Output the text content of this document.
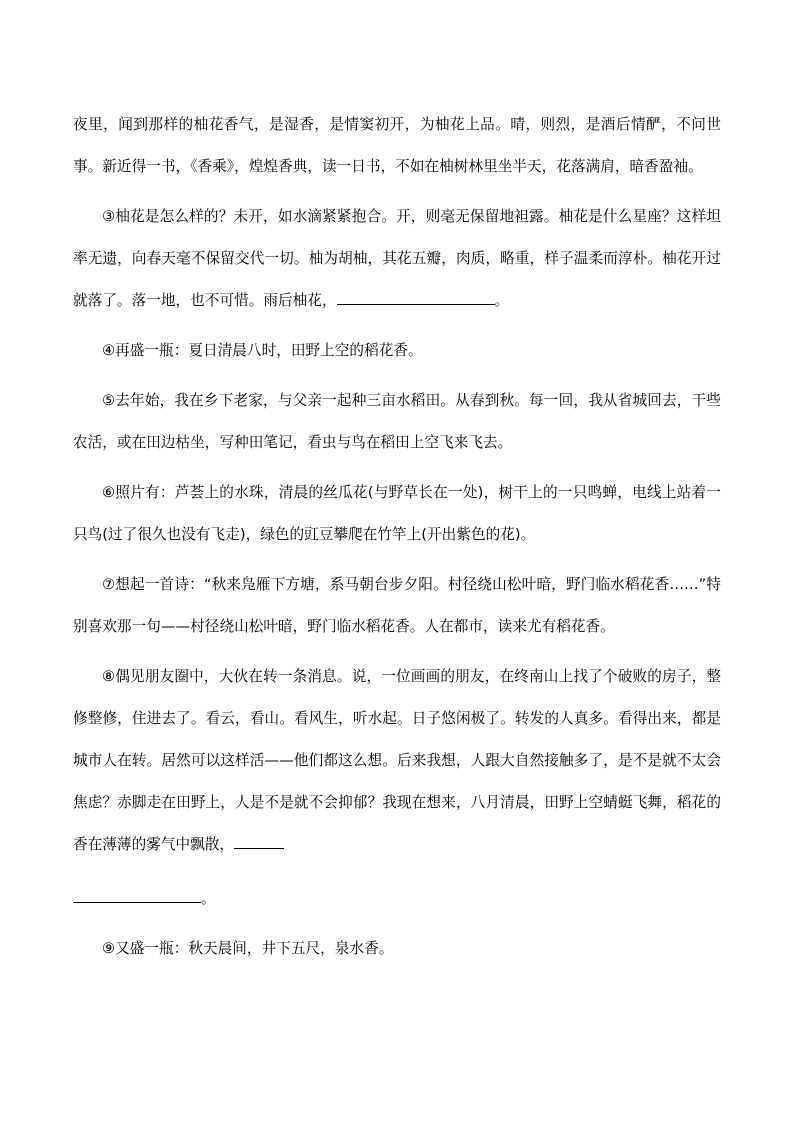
夜里，闻到那样的柚花香气，是湿香，是情窦初开，为柚花上品。晴，则烈，是酒后情酽，不问世事。新近得一书，《香乘》，煌煌香典，读一日书，不如在柚树林里坐半天，花落满肩，暗香盈袖。

③柚花是怎么样的？未开，如水滴紧紧抱合。开，则毫无保留地袒露。柚花是什么星座？这样坦率无遗，向春天毫不保留交代一切。柚为胡柚，其花五瓣，肉质，略重，样子温柔而淳朴。柚花开过就落了。落一地，也不可惜。雨后柚花，	。

④再盛一瓶：夏日清晨八时，田野上空的稻花香。

⑤去年始，我在乡下老家，与父亲一起种三亩水稻田。从春到秋。每一回，我从省城回去，干些农活，或在田边枯坐，写种田笔记，看虫与鸟在稻田上空飞来飞去。

⑥照片有：芦荟上的水珠，清晨的丝瓜花(与野草长在一处)，树干上的一只鸣蝉，电线上站着一只鸟(过了很久也没有飞走)，绿色的豇豆攀爬在竹竿上(开出紫色的花)。

⑦想起一首诗：“秋来凫雁下方塘，系马朝台步夕阳。村径绕山松叶暗，野门临水稻花香……”特别喜欢那一句——村径绕山松叶暗，野门临水稻花香。人在都市，读来尤有稻花香。

⑧偶见朋友圈中，大伙在转一条消息。说，一位画画的朋友，在终南山上找了个破败的房子，整修整修，住进去了。看云，看山。看风生，听水起。日子悠闲极了。转发的人真多。看得出来，都是城市人在转。居然可以这样活——他们都这么想。后来我想，人跟大自然接触多了，是不是就不太会焦虑？赤脚走在田野上，人是不是就不会抑郁？我现在想来，八月清晨，田野上空蜻蜓飞舞，稻花的香在薄薄的雾气中飘散，

。

⑨又盛一瓶：秋天晨间，井下五尺，泉水香。
